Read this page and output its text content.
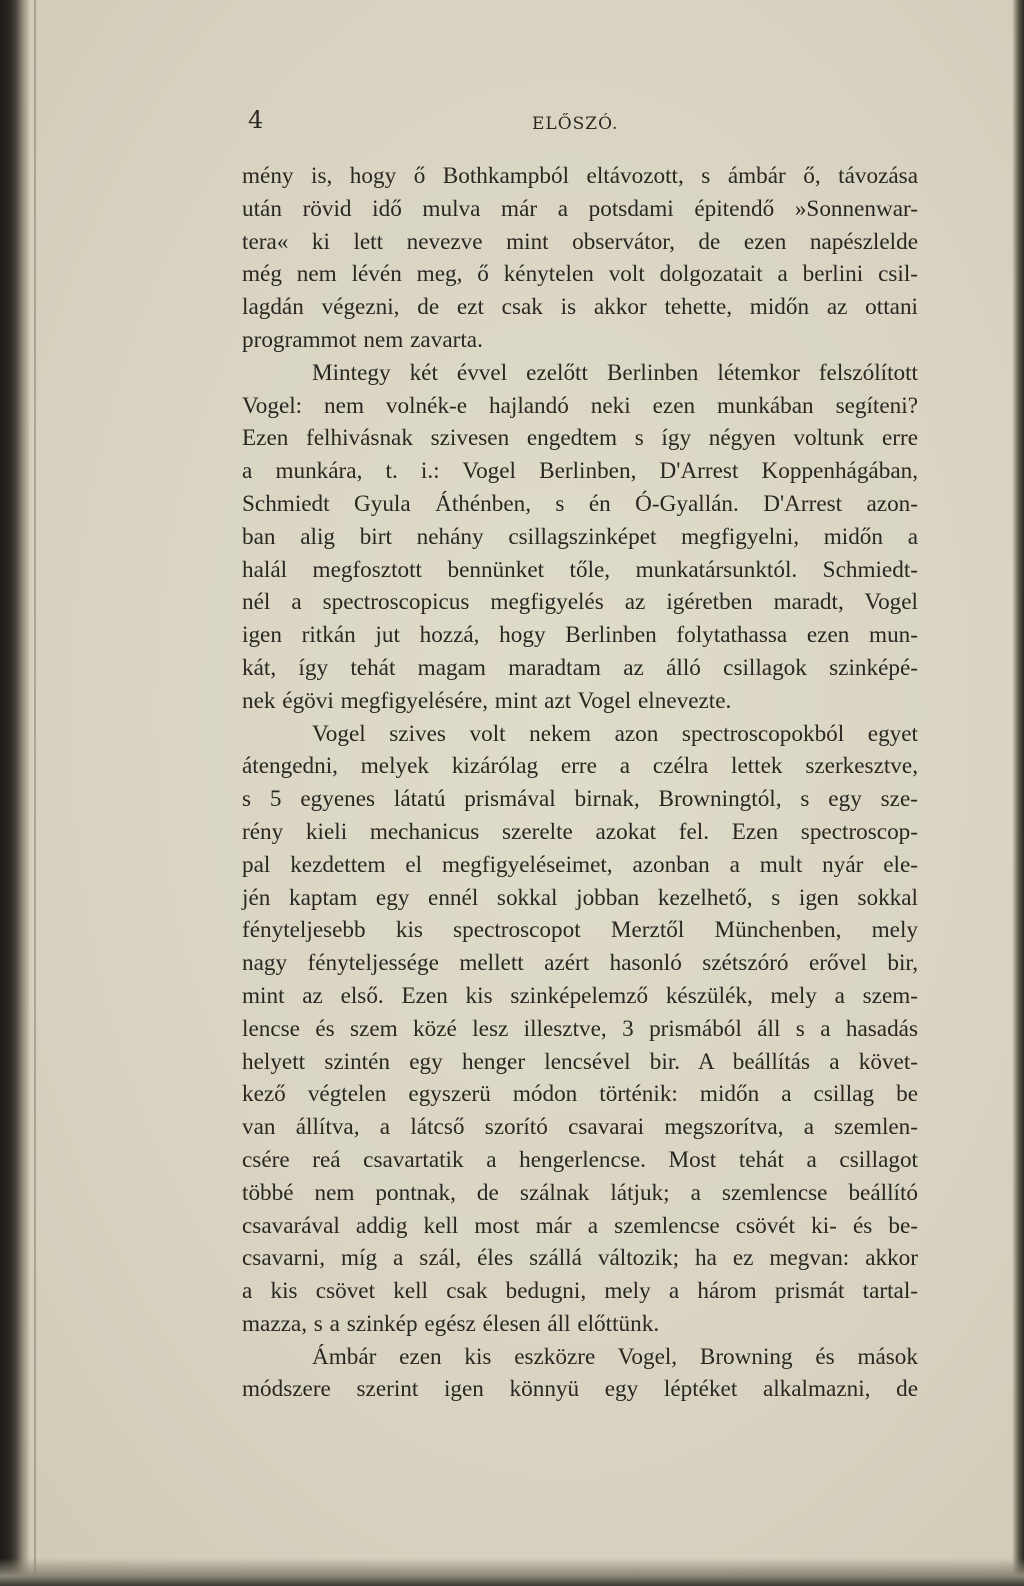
4	ELŐSZÓ.
mény is, hogy ő Bothkampból eltávozott, s ámbár ő, távozása
után rövid idő mulva már a potsdami épitendő »Sonnenwar-
tera« ki lett nevezve mint observátor, de ezen napészlelde
még nem lévén meg, ő kénytelen volt dolgozatait a berlini csil-
lagdán végezni, de ezt csak is akkor tehette, midőn az ottani
programmot nem zavarta.
Mintegy két évvel ezelőtt Berlinben létemkor felszólított
Vogel: nem volnék-e hajlandó neki ezen munkában segíteni?
Ezen felhivásnak szivesen engedtem s így négyen voltunk erre
a munkára, t. i.: Vogel Berlinben, D'Arrest Koppenhágában,
Schmiedt Gyula Áthénben, s én Ó-Gyallán. D'Arrest azon-
ban alig birt nehány csillagszinképet megfigyelni, midőn a
halál megfosztott bennünket tőle, munkatársunktól. Schmiedt-
nél a spectroscopicus megfigyelés az igéretben maradt, Vogel
igen ritkán jut hozzá, hogy Berlinben folytathassa ezen mun-
kát, így tehát magam maradtam az álló csillagok szinképé-
nek égövi megfigyelésére, mint azt Vogel elnevezte.
Vogel szives volt nekem azon spectroscopokból egyet
átengedni, melyek kizárólag erre a czélra lettek szerkesztve,
s 5 egyenes látatú prismával birnak, Browningtól, s egy sze-
rény kieli mechanicus szerelte azokat fel. Ezen spectroscop-
pal kezdettem el megfigyeléseimet, azonban a mult nyár ele-
jén kaptam egy ennél sokkal jobban kezelhető, s igen sokkal
fényteljesebb kis spectroscopot Merztől Münchenben, mely
nagy fényteljessége mellett azért hasonló szétszóró erővel bir,
mint az első. Ezen kis szinképelemző készülék, mely a szem-
lencse és szem közé lesz illesztve, 3 prismából áll s a hasadás
helyett szintén egy henger lencsével bir. A beállítás a követ-
kező végtelen egyszerü módon történik: midőn a csillag be
van állítva, a látcső szorító csavarai megszorítva, a szemlen-
csére reá csavartatik a hengerlencse. Most tehát a csillagot
többé nem pontnak, de szálnak látjuk; a szemlencse beállító
csavarával addig kell most már a szemlencse csövét ki- és be-
csavarni, míg a szál, éles szállá változik; ha ez megvan: akkor
a kis csövet kell csak bedugni, mely a három prismát tartal-
mazza, s a szinkép egész élesen áll előttünk.
Ámbár ezen kis eszközre Vogel, Browning és mások
módszere szerint igen könnyü egy léptéket alkalmazni, de
